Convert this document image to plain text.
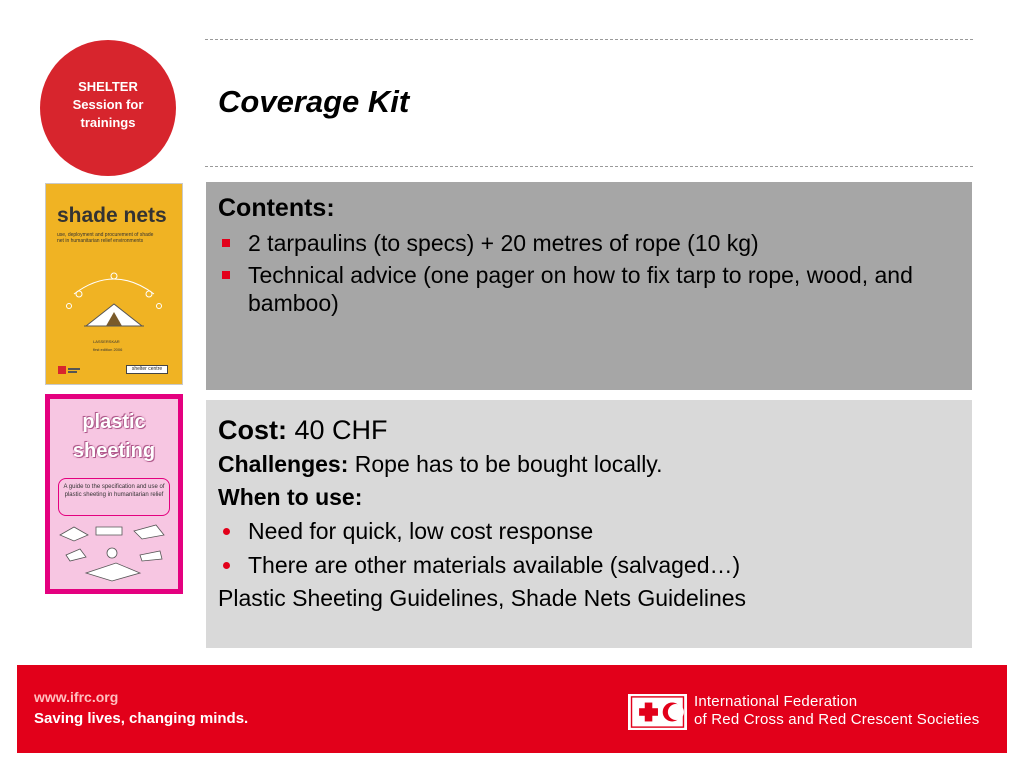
SHELTER
Session for
trainings
Coverage Kit
shade nets
use, deployment and procurement of shade net in humanitarian relief environments
LASSERSKAR
first edition 2006
shelter centre
plastic
sheeting
A guide to the specification and use of plastic sheeting in humanitarian relief
Contents:
2 tarpaulins (to specs) + 20 metres of rope (10 kg)
Technical advice (one pager on how to fix tarp to rope, wood, and bamboo)
Cost: 40 CHF
Challenges: Rope has to be bought locally.
When to use:
Need for quick, low cost response
There are other materials available (salvaged…)
Plastic Sheeting Guidelines, Shade Nets Guidelines
www.ifrc.org
Saving lives, changing minds.
International Federation
of Red Cross and Red Crescent Societies
